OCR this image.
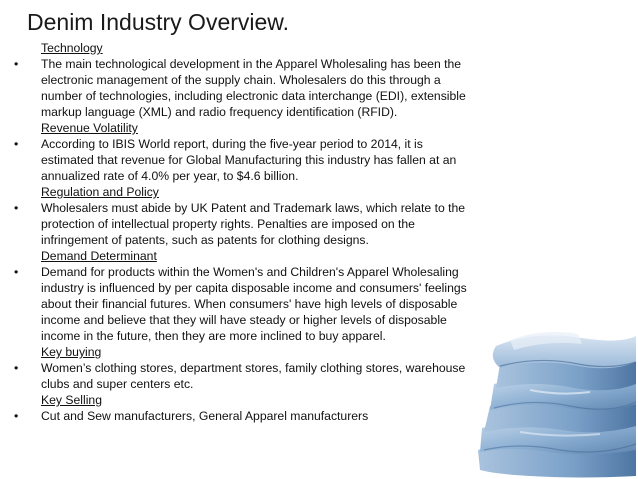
Denim Industry Overview.
Technology
• The main technological development in the Apparel Wholesaling has been the electronic management of the supply chain. Wholesalers do this through a number of technologies, including electronic data interchange (EDI), extensible markup language (XML) and radio frequency identification (RFID).
Revenue Volatility
• According to IBIS World report, during the five-year period to 2014, it is estimated that revenue for Global Manufacturing this industry has fallen at an annualized rate of 4.0% per year, to $4.6 billion.
Regulation and Policy
• Wholesalers must abide by UK Patent and Trademark laws, which relate to the protection of intellectual property rights. Penalties are imposed on the infringement of patents, such as patents for clothing designs.
Demand Determinant
• Demand for products within the Women's and Children's Apparel Wholesaling industry is influenced by per capita disposable income and consumers' feelings about their financial futures. When consumers' have high levels of disposable income and believe that they will have steady or higher levels of disposable income in the future, then they are more inclined to buy apparel.
Key buying
• Women’s clothing stores, department stores, family clothing stores, warehouse clubs and super centers etc.
Key Selling
• Cut and Sew manufacturers, General Apparel manufacturers
